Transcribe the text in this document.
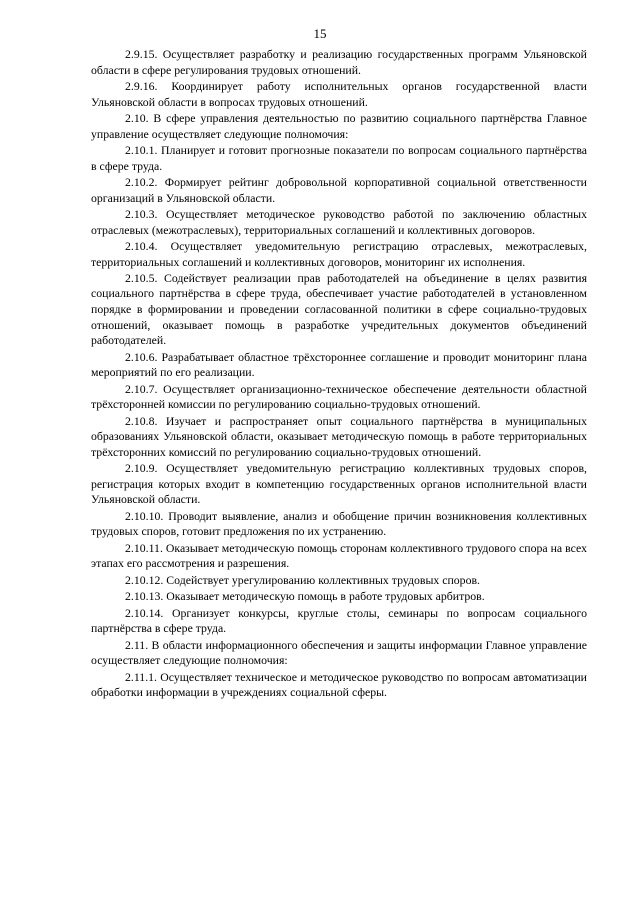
15

2.9.15. Осуществляет разработку и реализацию государственных программ Ульяновской области в сфере регулирования трудовых отношений.

2.9.16. Координирует работу исполнительных органов государственной власти Ульяновской области в вопросах трудовых отношений.

2.10. В сфере управления деятельностью по развитию социального партнёрства Главное управление осуществляет следующие полномочия:

2.10.1. Планирует и готовит прогнозные показатели по вопросам социального партнёрства в сфере труда.

2.10.2. Формирует рейтинг добровольной корпоративной социальной ответственности организаций в Ульяновской области.

2.10.3. Осуществляет методическое руководство работой по заключению областных отраслевых (межотраслевых), территориальных соглашений и коллективных договоров.

2.10.4. Осуществляет уведомительную регистрацию отраслевых, межотраслевых, территориальных соглашений и коллективных договоров, мониторинг их исполнения.

2.10.5. Содействует реализации прав работодателей на объединение в целях развития социального партнёрства в сфере труда, обеспечивает участие работодателей в установленном порядке в формировании и проведении согласованной политики в сфере социально-трудовых отношений, оказывает помощь в разработке учредительных документов объединений работодателей.

2.10.6. Разрабатывает областное трёхстороннее соглашение и проводит мониторинг плана мероприятий по его реализации.

2.10.7. Осуществляет организационно-техническое обеспечение деятельности областной трёхсторонней комиссии по регулированию социально-трудовых отношений.

2.10.8. Изучает и распространяет опыт социального партнёрства в муниципальных образованиях Ульяновской области, оказывает методическую помощь в работе территориальных трёхсторонних комиссий по регулированию социально-трудовых отношений.

2.10.9. Осуществляет уведомительную регистрацию коллективных трудовых споров, регистрация которых входит в компетенцию государственных органов исполнительной власти Ульяновской области.

2.10.10. Проводит выявление, анализ и обобщение причин возникновения коллективных трудовых споров, готовит предложения по их устранению.

2.10.11. Оказывает методическую помощь сторонам коллективного трудового спора на всех этапах его рассмотрения и разрешения.

2.10.12. Содействует урегулированию коллективных трудовых споров.

2.10.13. Оказывает методическую помощь в работе трудовых арбитров.

2.10.14. Организует конкурсы, круглые столы, семинары по вопросам социального партнёрства в сфере труда.

2.11. В области информационного обеспечения и защиты информации Главное управление осуществляет следующие полномочия:

2.11.1. Осуществляет техническое и методическое руководство по вопросам автоматизации обработки информации в учреждениях социальной сферы.
